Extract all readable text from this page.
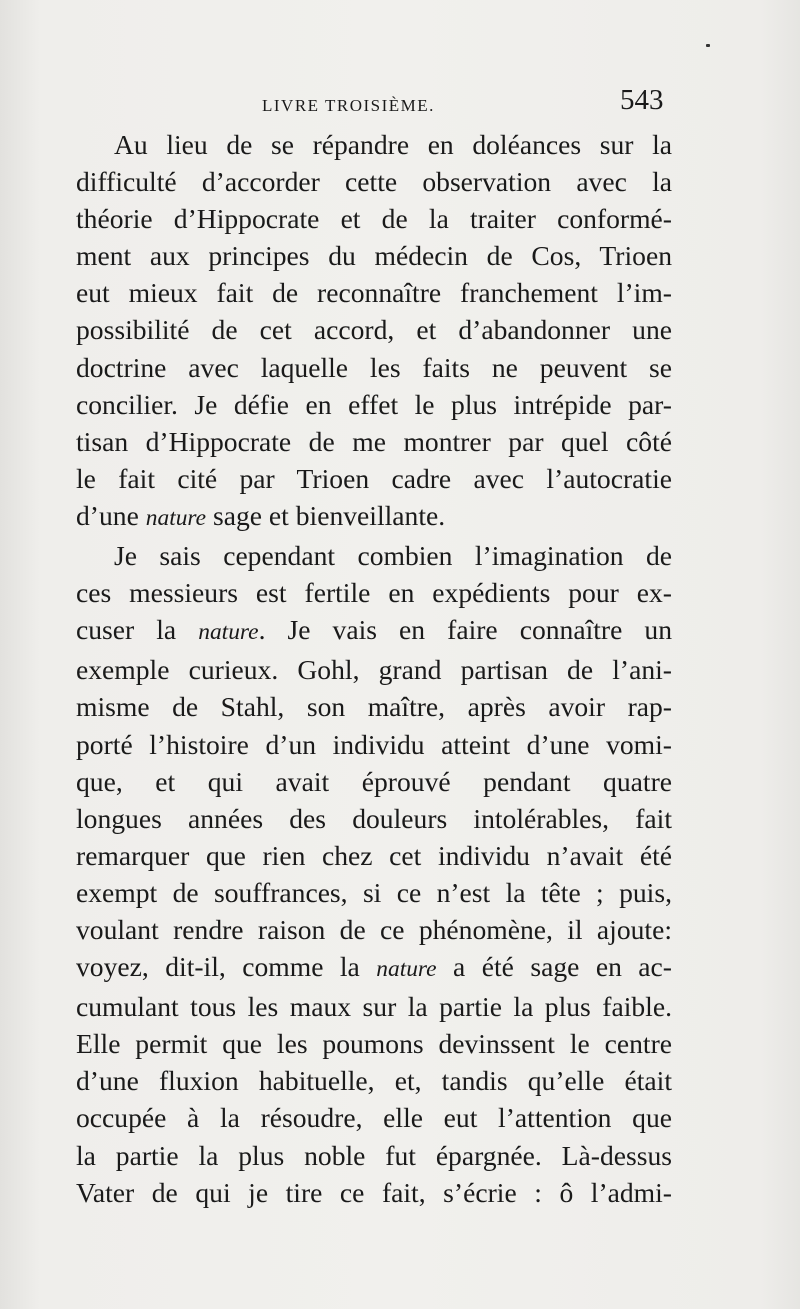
LIVRE TROISIÈME.	543
Au lieu de se répandre en doléances sur la
difficulté d’accorder cette observation avec la
théorie d’Hippocrate et de la traiter conformé-
ment aux principes du médecin de Cos, Trioen
eut mieux fait de reconnaître franchement l’im-
possibilité de cet accord, et d’abandonner une
doctrine avec laquelle les faits ne peuvent se
concilier. Je défie en effet le plus intrépide par-
tisan d’Hippocrate de me montrer par quel côté
le fait cité par Trioen cadre avec l’autocratie
d’une nature sage et bienveillante.
Je sais cependant combien l’imagination de
ces messieurs est fertile en expédients pour ex-
cuser la nature. Je vais en faire connaître un
exemple curieux. Gohl, grand partisan de l’ani-
misme de Stahl, son maître, après avoir rap-
porté l’histoire d’un individu atteint d’une vomi-
que, et qui avait éprouvé pendant quatre
longues années des douleurs intolérables, fait
remarquer que rien chez cet individu n’avait été
exempt de souffrances, si ce n’est la tête ; puis,
voulant rendre raison de ce phénomène, il ajoute:
voyez, dit-il, comme la nature a été sage en ac-
cumulant tous les maux sur la partie la plus faible.
Elle permit que les poumons devinssent le centre
d’une fluxion habituelle, et, tandis qu’elle était
occupée à la résoudre, elle eut l’attention que
la partie la plus noble fut épargnée. Là-dessus
Vater de qui je tire ce fait, s’écrie : ô l’admi-
